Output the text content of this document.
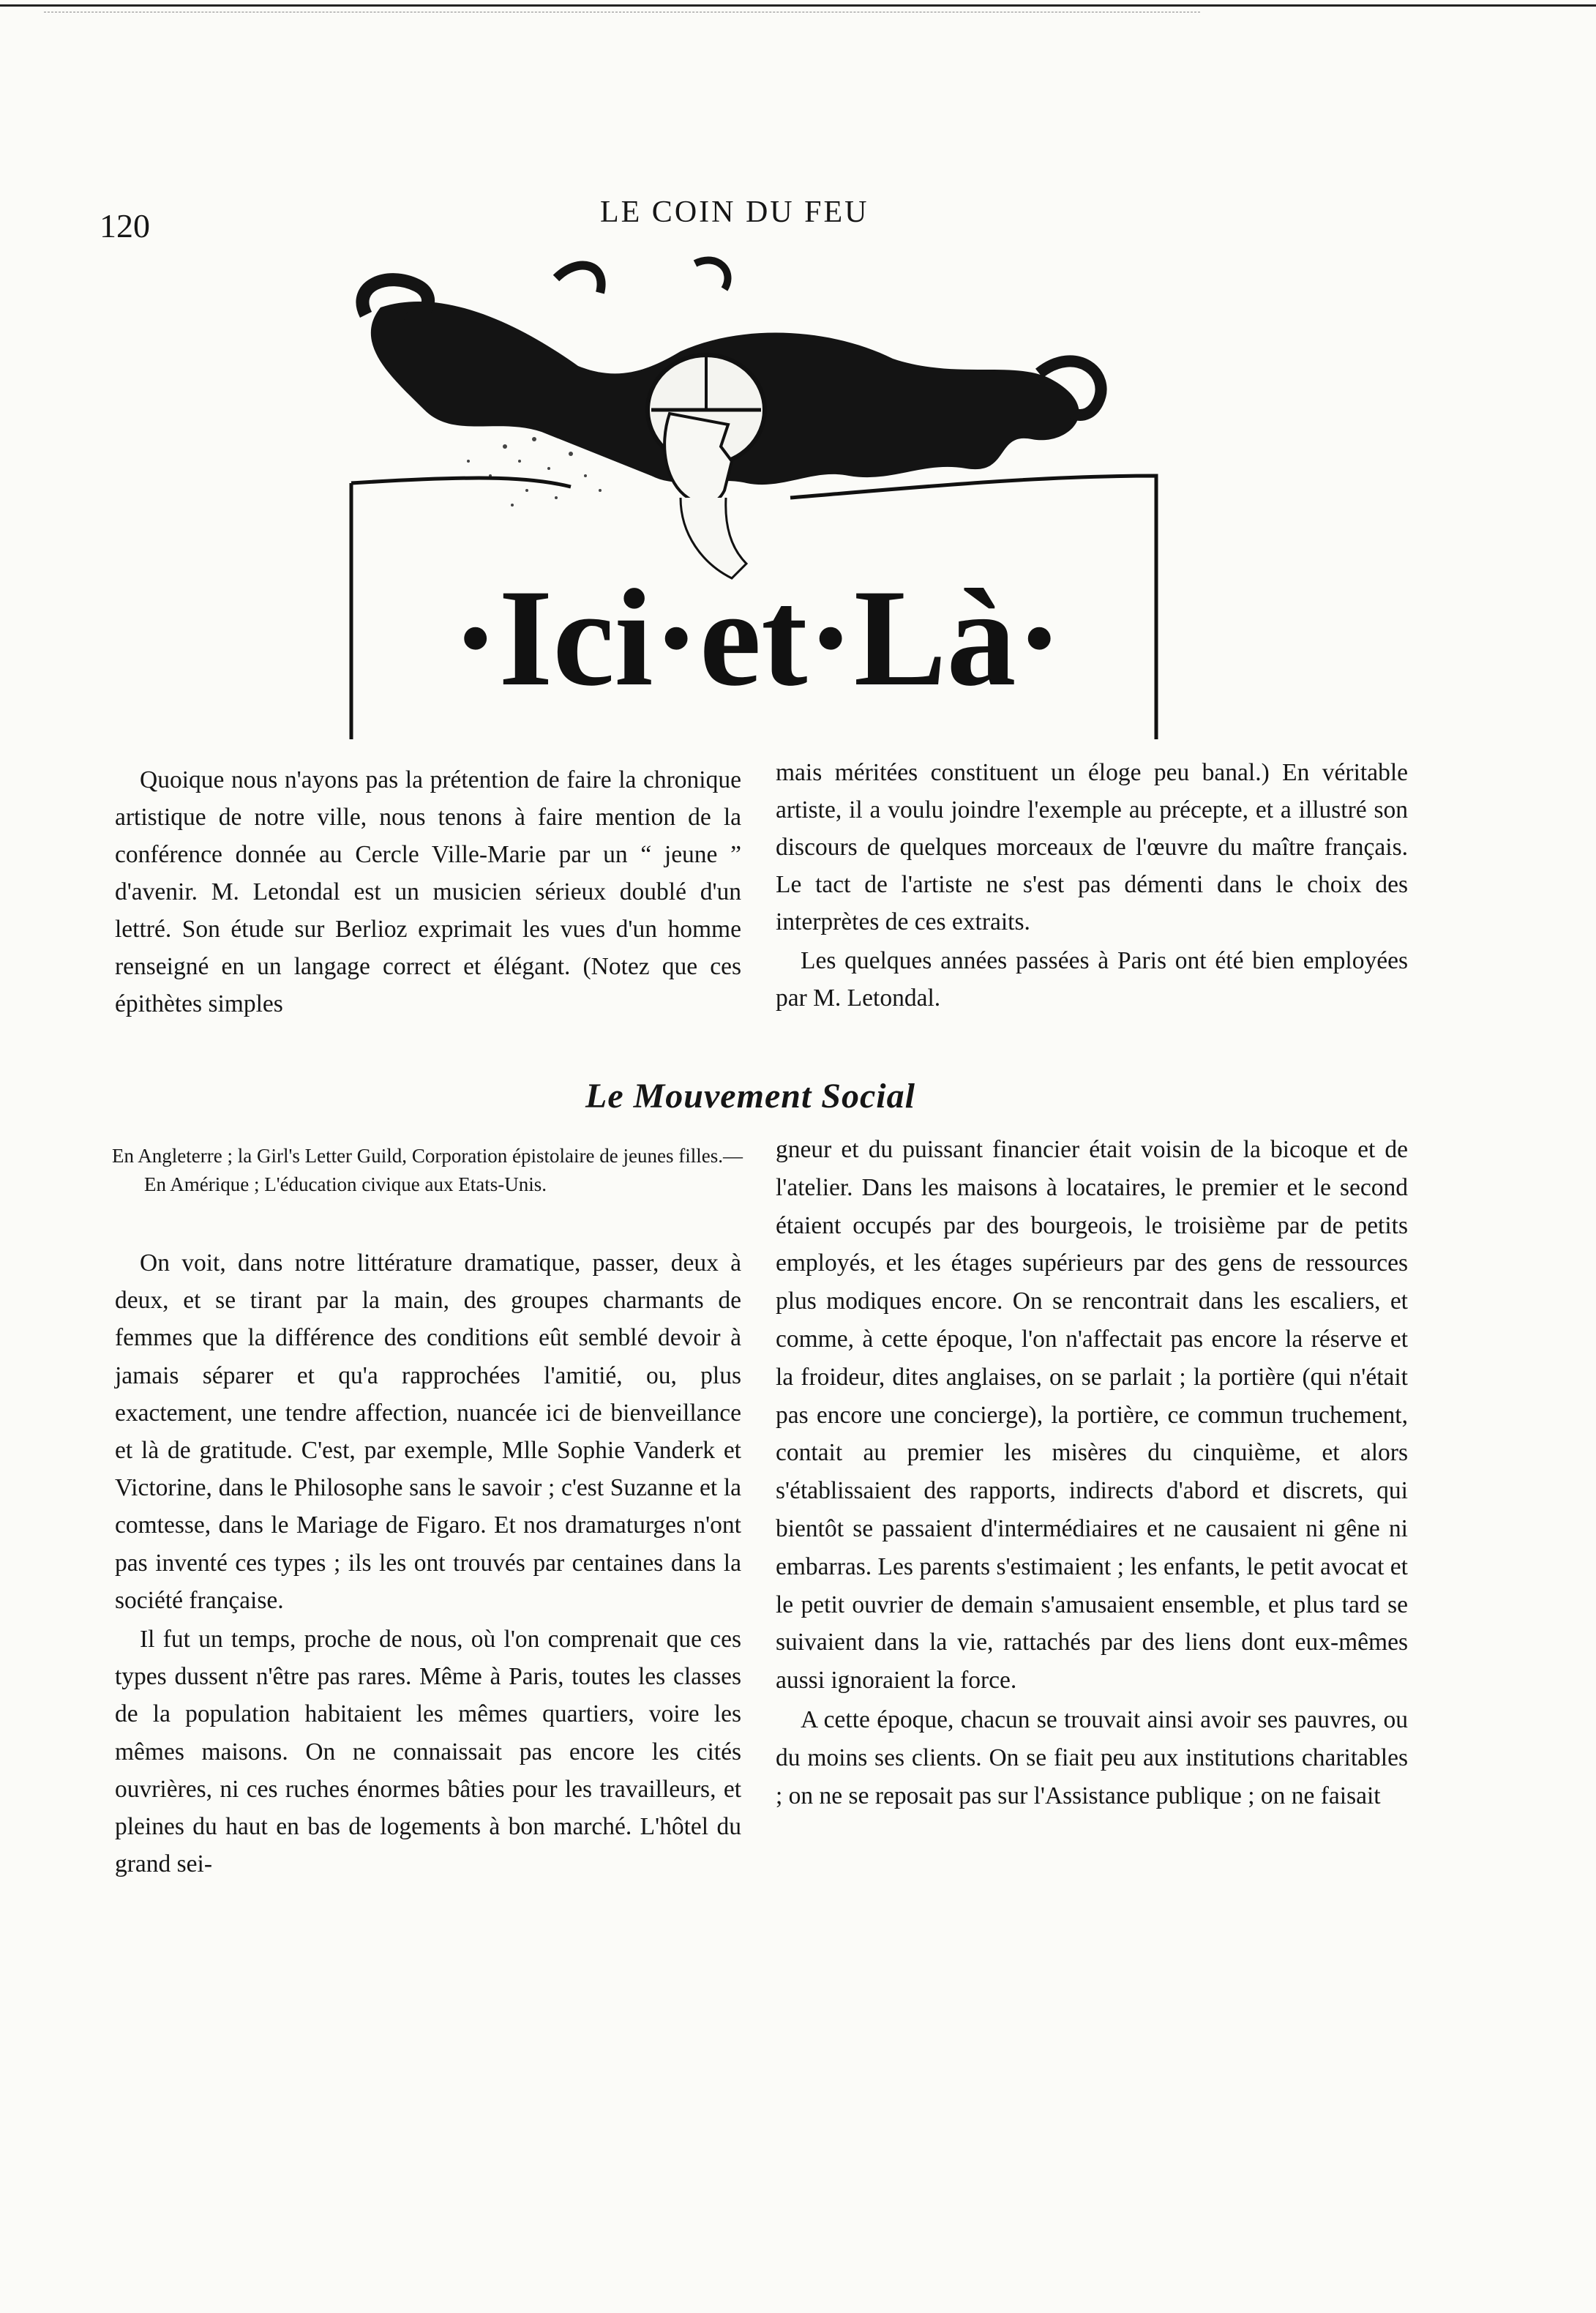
120	LE COIN DU FEU
·Ici·et·Là·

Quoique nous n'ayons pas la prétention de faire la chronique artistique de notre ville, nous tenons à faire mention de la conférence donnée au Cercle Ville-Marie par un “ jeune ” d'avenir. M. Letondal est un musicien sérieux doublé d'un lettré. Son étude sur Berlioz exprimait les vues d'un homme renseigné en un langage correct et élégant. (Notez que ces épithètes simples

mais méritées constituent un éloge peu banal.) En véritable artiste, il a voulu joindre l'exemple au précepte, et a illustré son discours de quelques morceaux de l'œuvre du maître français. Le tact de l'artiste ne s'est pas démenti dans le choix des interprètes de ces extraits.

Les quelques années passées à Paris ont été bien employées par M. Letondal.

Le Mouvement Social

En Angleterre ; la Girl's Letter Guild, Corporation épistolaire de jeunes filles.—En Amérique ; L'éducation civique aux Etats-Unis.

On voit, dans notre littérature dramatique, passer, deux à deux, et se tirant par la main, des groupes charmants de femmes que la différence des conditions eût semblé devoir à jamais séparer et qu'a rapprochées l'amitié, ou, plus exactement, une tendre affection, nuancée ici de bienveillance et là de gratitude. C'est, par exemple, Mlle Sophie Vanderk et Victorine, dans le Philosophe sans le savoir ; c'est Suzanne et la comtesse, dans le Mariage de Figaro. Et nos dramaturges n'ont pas inventé ces types ; ils les ont trouvés par centaines dans la société française.

Il fut un temps, proche de nous, où l'on comprenait que ces types dussent n'être pas rares. Même à Paris, toutes les classes de la population habitaient les mêmes quartiers, voire les mêmes maisons. On ne connaissait pas encore les cités ouvrières, ni ces ruches énormes bâties pour les travailleurs, et pleines du haut en bas de logements à bon marché. L'hôtel du grand sei-

gneur et du puissant financier était voisin de la bicoque et de l'atelier. Dans les maisons à locataires, le premier et le second étaient occupés par des bourgeois, le troisième par de petits employés, et les étages supérieurs par des gens de ressources plus modiques encore. On se rencontrait dans les escaliers, et comme, à cette époque, l'on n'affectait pas encore la réserve et la froideur, dites anglaises, on se parlait ; la portière (qui n'était pas encore une concierge), la portière, ce commun truchement, contait au premier les misères du cinquième, et alors s'établissaient des rapports, indirects d'abord et discrets, qui bientôt se passaient d'intermédiaires et ne causaient ni gêne ni embarras. Les parents s'estimaient ; les enfants, le petit avocat et le petit ouvrier de demain s'amusaient ensemble, et plus tard se suivaient dans la vie, rattachés par des liens dont eux-mêmes aussi ignoraient la force.

A cette époque, chacun se trouvait ainsi avoir ses pauvres, ou du moins ses clients. On se fiait peu aux institutions charitables ; on ne se reposait pas sur l'Assistance publique ; on ne faisait
